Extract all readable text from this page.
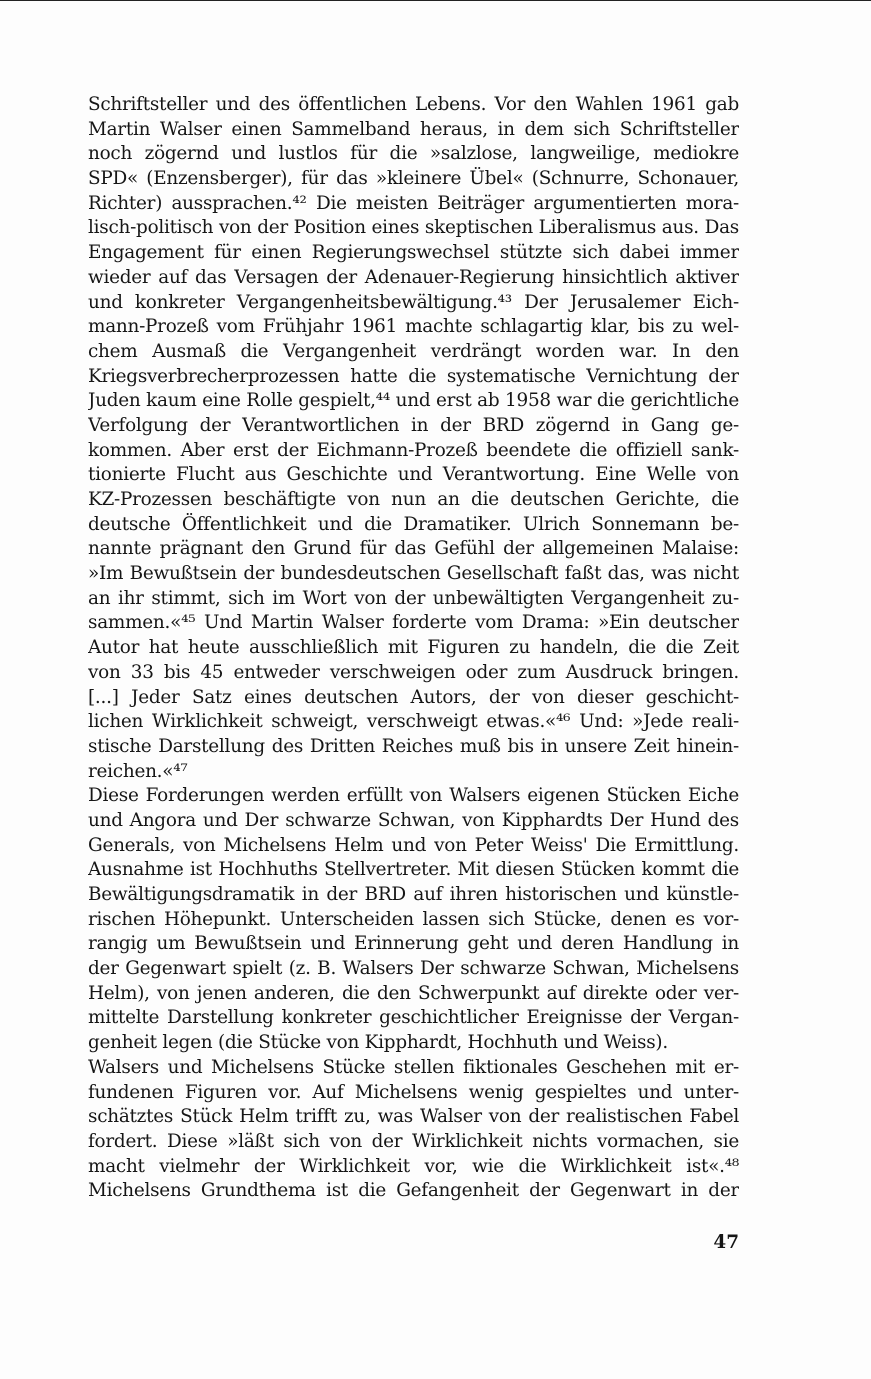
Schriftsteller und des öffentlichen Lebens. Vor den Wahlen 1961 gab
Martin Walser einen Sammelband heraus, in dem sich Schriftsteller
noch zögernd und lustlos für die »salzlose, langweilige, mediokre
SPD« (Enzensberger), für das »kleinere Übel« (Schnurre, Schonauer,
Richter) aussprachen.⁴² Die meisten Beiträger argumentierten mora-
lisch-politisch von der Position eines skeptischen Liberalismus aus. Das
Engagement für einen Regierungswechsel stützte sich dabei immer
wieder auf das Versagen der Adenauer-Regierung hinsichtlich aktiver
und konkreter Vergangenheitsbewältigung.⁴³ Der Jerusalemer Eich-
mann-Prozeß vom Frühjahr 1961 machte schlagartig klar, bis zu wel-
chem Ausmaß die Vergangenheit verdrängt worden war. In den
Kriegsverbrecherprozessen hatte die systematische Vernichtung der
Juden kaum eine Rolle gespielt,⁴⁴ und erst ab 1958 war die gerichtliche
Verfolgung der Verantwortlichen in der BRD zögernd in Gang ge-
kommen. Aber erst der Eichmann-Prozeß beendete die offiziell sank-
tionierte Flucht aus Geschichte und Verantwortung. Eine Welle von
KZ-Prozessen beschäftigte von nun an die deutschen Gerichte, die
deutsche Öffentlichkeit und die Dramatiker. Ulrich Sonnemann be-
nannte prägnant den Grund für das Gefühl der allgemeinen Malaise:
»Im Bewußtsein der bundesdeutschen Gesellschaft faßt das, was nicht
an ihr stimmt, sich im Wort von der unbewältigten Vergangenheit zu-
sammen.«⁴⁵ Und Martin Walser forderte vom Drama: »Ein deutscher
Autor hat heute ausschließlich mit Figuren zu handeln, die die Zeit
von 33 bis 45 entweder verschweigen oder zum Ausdruck bringen.
[...] Jeder Satz eines deutschen Autors, der von dieser geschicht-
lichen Wirklichkeit schweigt, verschweigt etwas.«⁴⁶ Und: »Jede reali-
stische Darstellung des Dritten Reiches muß bis in unsere Zeit hinein-
reichen.«⁴⁷
Diese Forderungen werden erfüllt von Walsers eigenen Stücken Eiche
und Angora und Der schwarze Schwan, von Kipphardts Der Hund des
Generals, von Michelsens Helm und von Peter Weiss' Die Ermittlung.
Ausnahme ist Hochhuths Stellvertreter. Mit diesen Stücken kommt die
Bewältigungsdramatik in der BRD auf ihren historischen und künstle-
rischen Höhepunkt. Unterscheiden lassen sich Stücke, denen es vor-
rangig um Bewußtsein und Erinnerung geht und deren Handlung in
der Gegenwart spielt (z. B. Walsers Der schwarze Schwan, Michelsens
Helm), von jenen anderen, die den Schwerpunkt auf direkte oder ver-
mittelte Darstellung konkreter geschichtlicher Ereignisse der Vergan-
genheit legen (die Stücke von Kipphardt, Hochhuth und Weiss).
Walsers und Michelsens Stücke stellen fiktionales Geschehen mit er-
fundenen Figuren vor. Auf Michelsens wenig gespieltes und unter-
schätztes Stück Helm trifft zu, was Walser von der realistischen Fabel
fordert. Diese »läßt sich von der Wirklichkeit nichts vormachen, sie
macht vielmehr der Wirklichkeit vor, wie die Wirklichkeit ist«.⁴⁸
Michelsens Grundthema ist die Gefangenheit der Gegenwart in der
47
